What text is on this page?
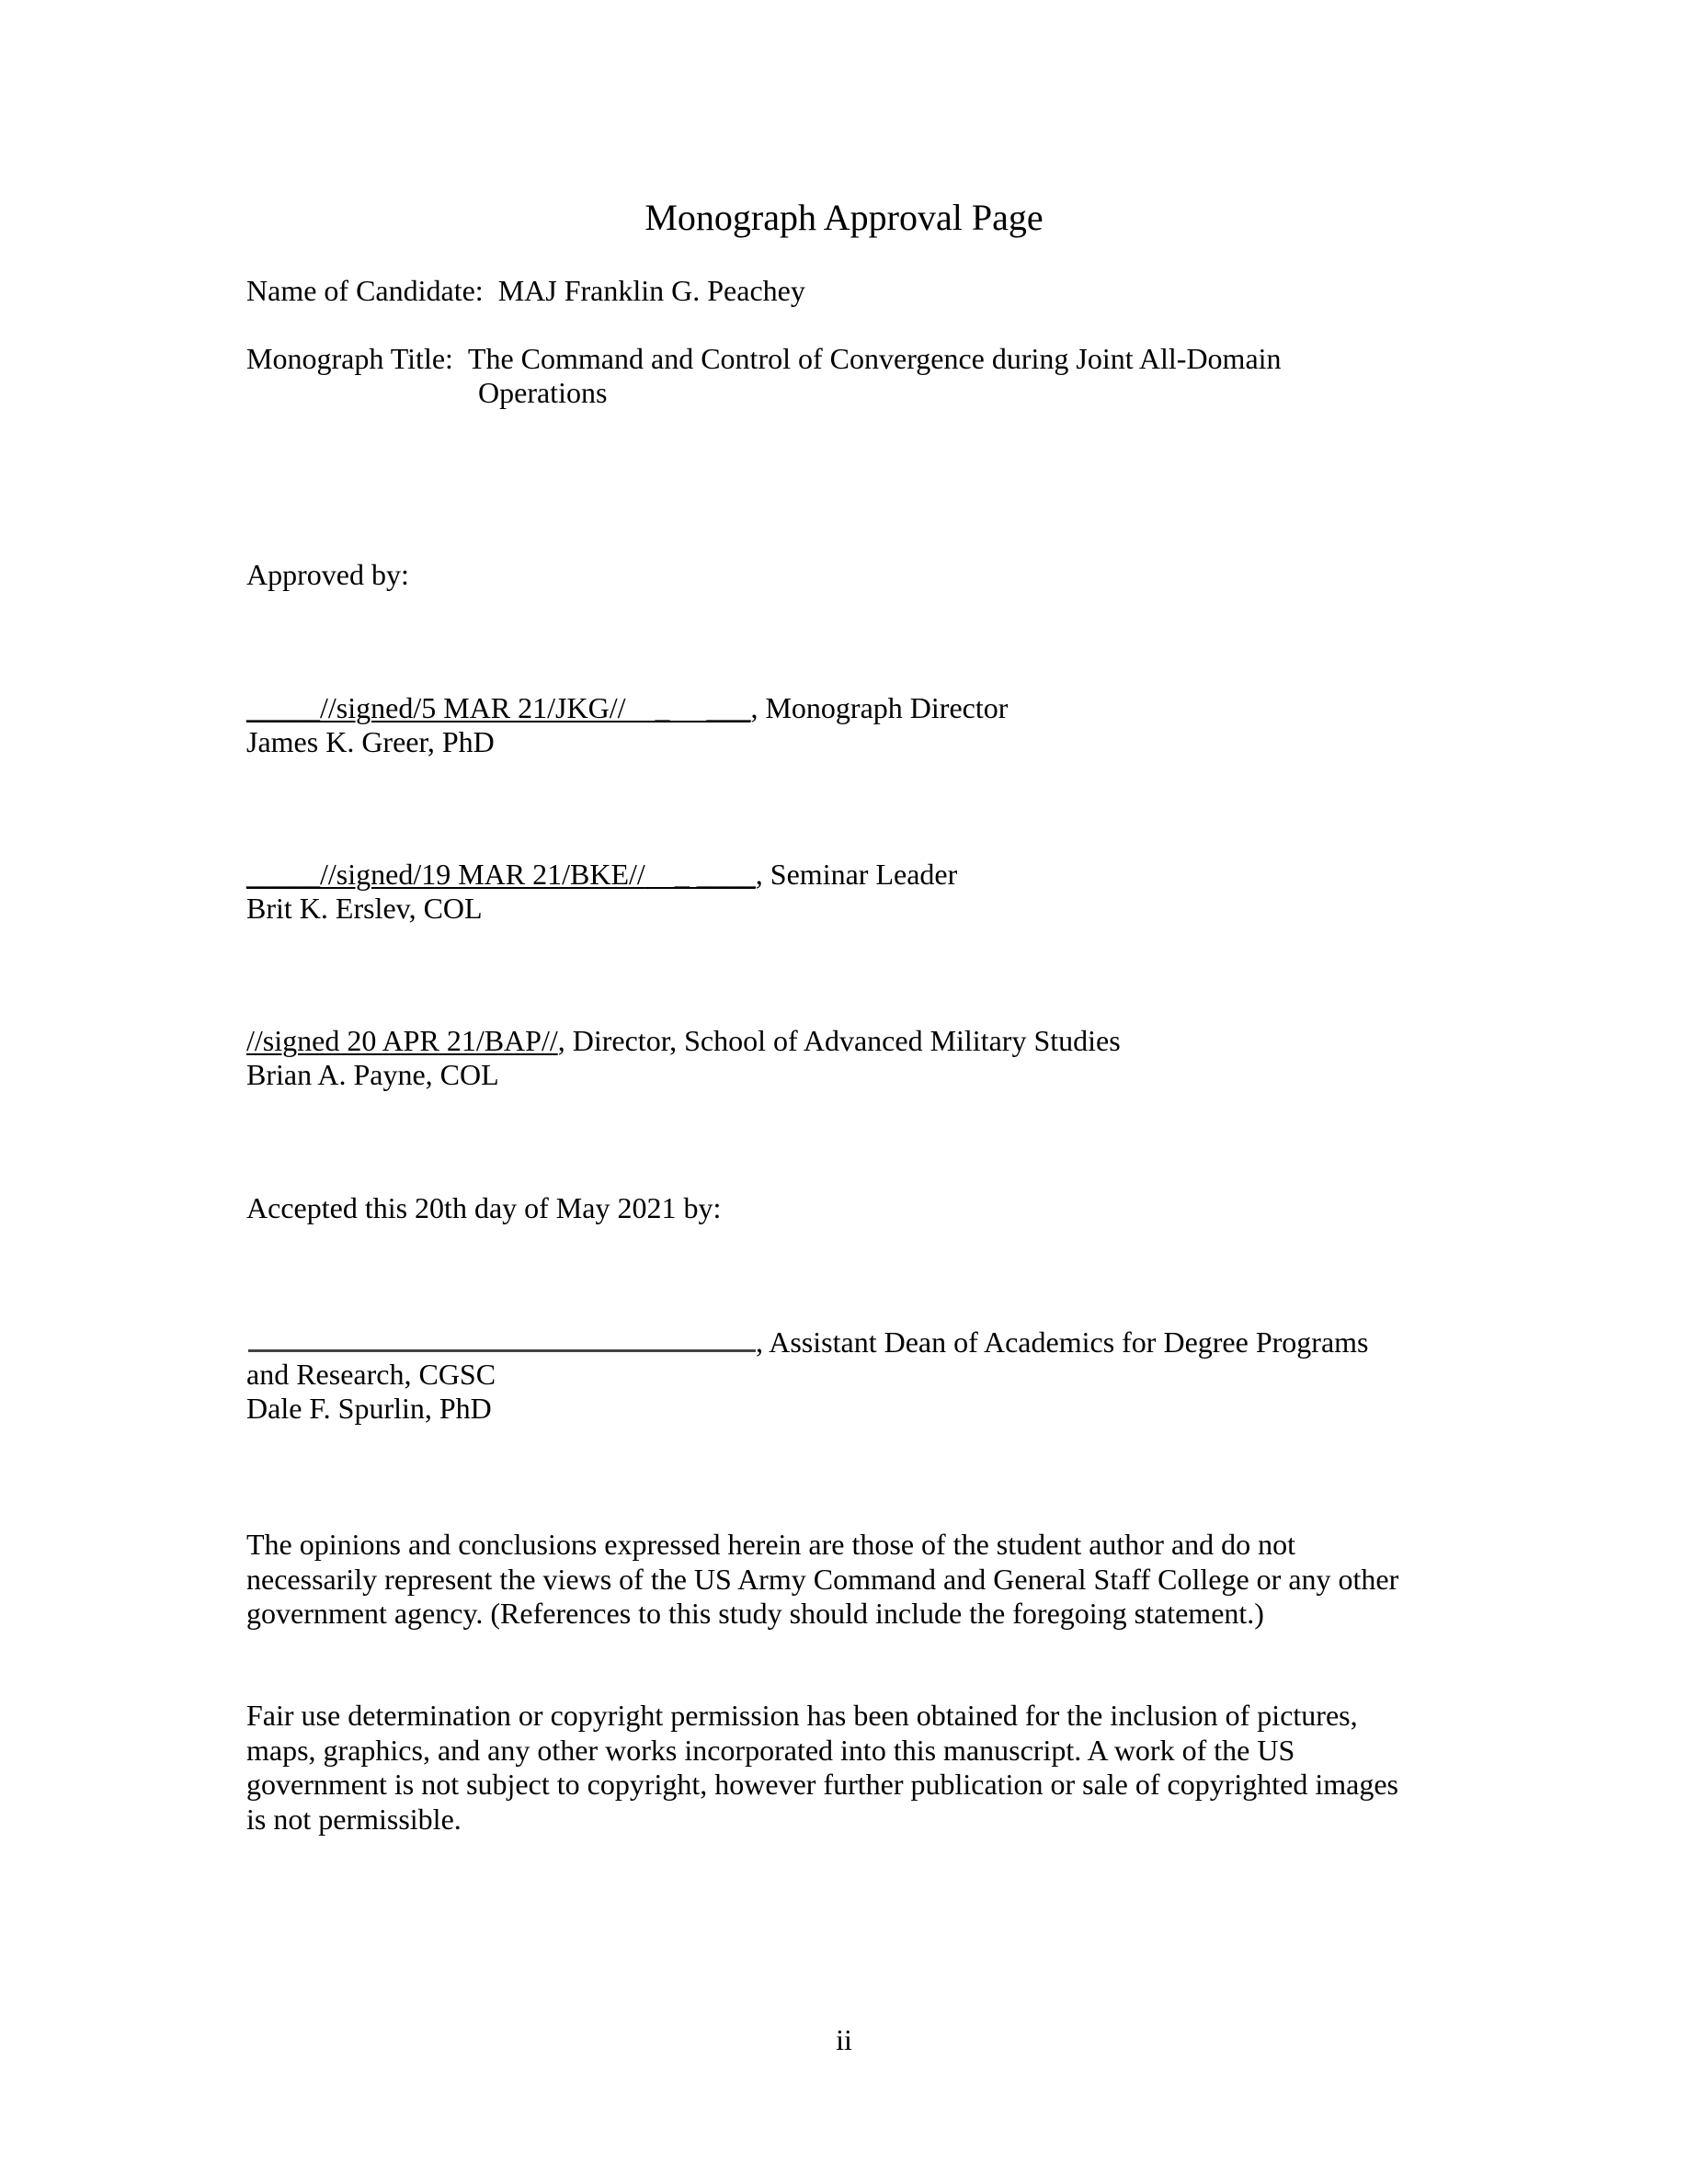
Monograph Approval Page
Name of Candidate: MAJ Franklin G. Peachey
Monograph Title: The Command and Control of Convergence during Joint All-Domain
Operations
Approved by:
_____//signed/5 MAR 21/JKG//    _     ___, Monograph Director
James K. Greer, PhD
_____//signed/19 MAR 21/BKE//    _ ____, Seminar Leader
Brit K. Erslev, COL
//signed 20 APR 21/BAP//, Director, School of Advanced Military Studies
Brian A. Payne, COL
Accepted this 20th day of May 2021 by:
, Assistant Dean of Academics for Degree Programs
and Research, CGSC
Dale F. Spurlin, PhD
The opinions and conclusions expressed herein are those of the student author and do not
necessarily represent the views of the US Army Command and General Staff College or any other
government agency. (References to this study should include the foregoing statement.)
Fair use determination or copyright permission has been obtained for the inclusion of pictures,
maps, graphics, and any other works incorporated into this manuscript. A work of the US
government is not subject to copyright, however further publication or sale of copyrighted images
is not permissible.
ii
